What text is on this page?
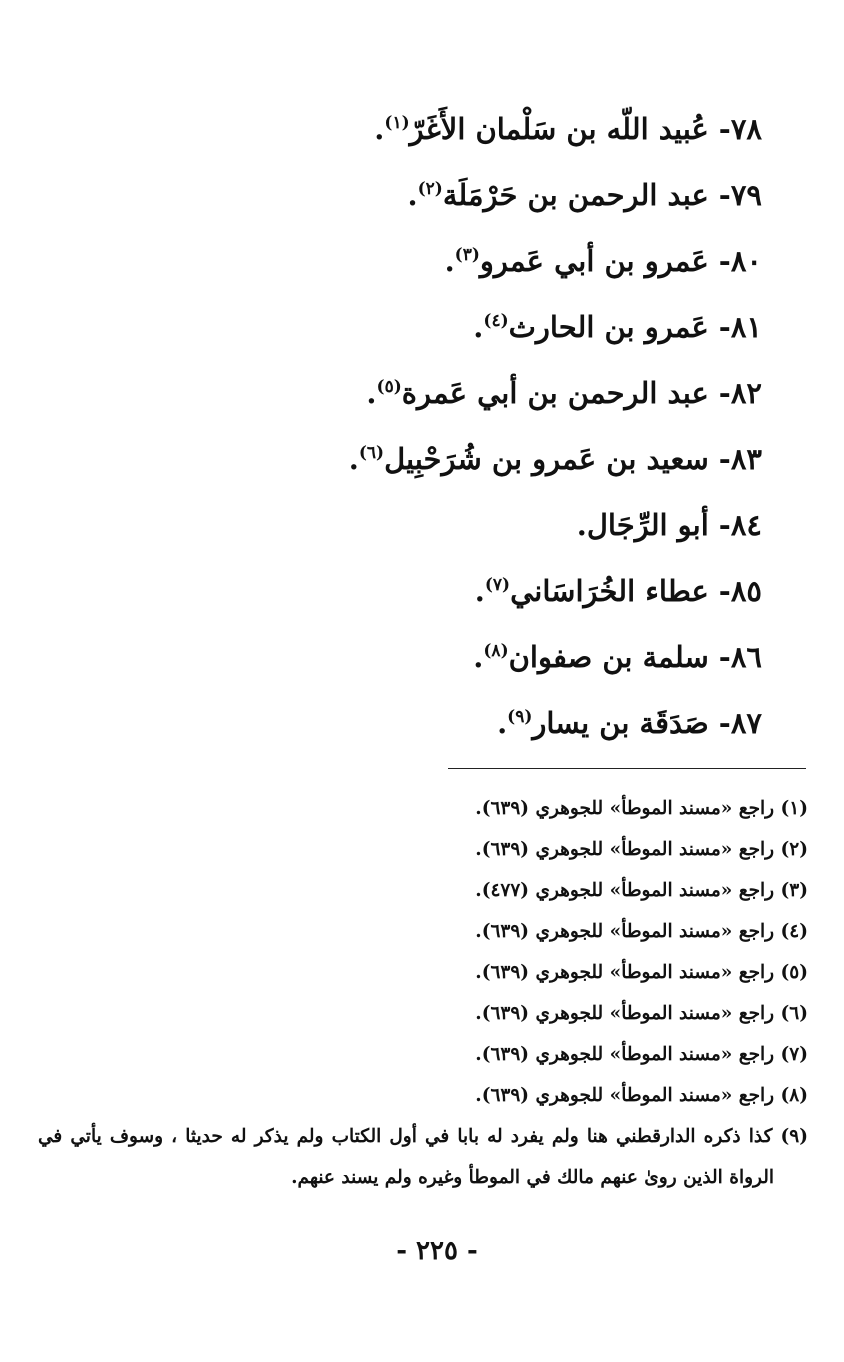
٧٨-عُبيد اللّه بن سَلْمان الأَغَرّ$^{(١)}$.
٧٩-عبد الرحمن بن حَرْمَلَة$^{(٢)}$.
٨٠-عَمرو بن أبي عَمرو$^{(٣)}$.
٨١-عَمرو بن الحارث$^{(٤)}$.
٨٢-عبد الرحمن بن أبي عَمرة$^{(٥)}$.
٨٣-سعيد بن عَمرو بن شُرَحْبِيل$^{(٦)}$.
٨٤-أبو الرِّجَال.
٨٥-عطاء الخُرَاسَاني$^{(٧)}$.
٨٦-سلمة بن صفوان$^{(٨)}$.
٨٧-صَدَقَة بن يسار$^{(٩)}$.
(١) راجع «مسند الموطأ» للجوهري (٦٣٩).
(٢) راجع «مسند الموطأ» للجوهري (٦٣٩).
(٣) راجع «مسند الموطأ» للجوهري (٤٧٧).
(٤) راجع «مسند الموطأ» للجوهري (٦٣٩).
(٥) راجع «مسند الموطأ» للجوهري (٦٣٩).
(٦) راجع «مسند الموطأ» للجوهري (٦٣٩).
(٧) راجع «مسند الموطأ» للجوهري (٦٣٩).
(٨) راجع «مسند الموطأ» للجوهري (٦٣٩).
(٩) كذا ذكره الدارقطني هنا ولم يفرد له بابا في أول الكتاب ولم يذكر له حديثا ، وسوف يأتي في الرواة الذين روىٰ عنهم مالك في الموطأ وغيره ولم يسند عنهم.
- ٢٢٥ -
